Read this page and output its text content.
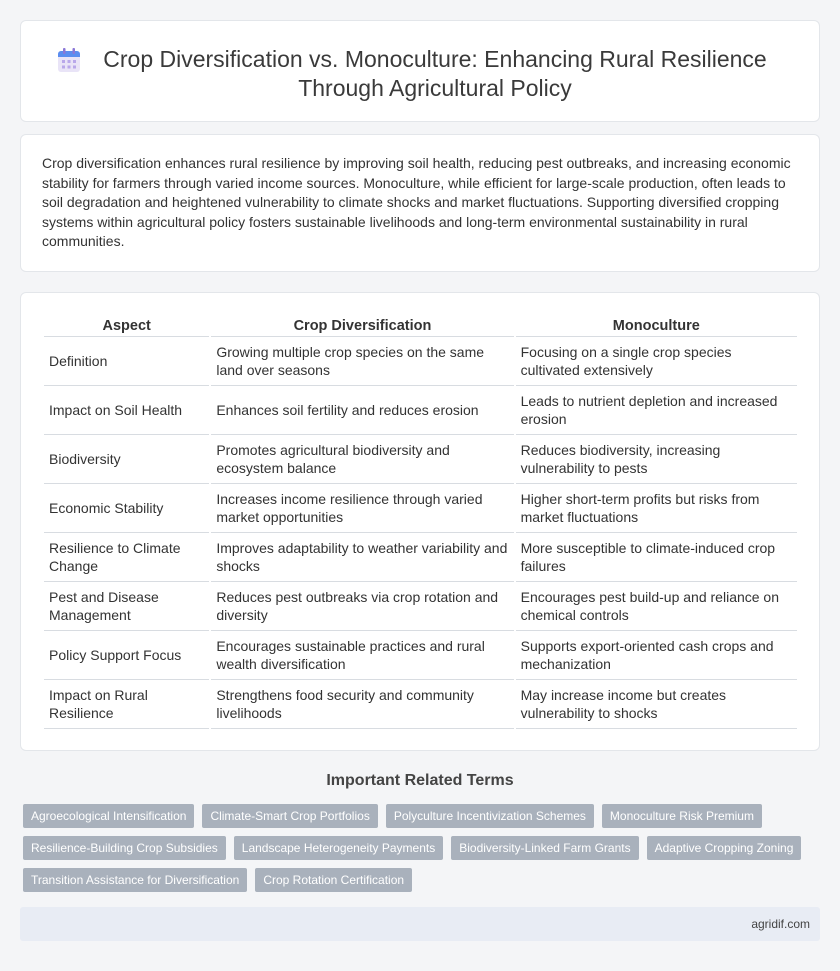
Crop Diversification vs. Monoculture: Enhancing Rural Resilience Through Agricultural Policy

Crop diversification enhances rural resilience by improving soil health, reducing pest outbreaks, and increasing economic stability for farmers through varied income sources. Monoculture, while efficient for large-scale production, often leads to soil degradation and heightened vulnerability to climate shocks and market fluctuations. Supporting diversified cropping systems within agricultural policy fosters sustainable livelihoods and long-term environmental sustainability in rural communities.

Aspect	Crop Diversification	Monoculture
Definition	Growing multiple crop species on the same land over seasons	Focusing on a single crop species cultivated extensively
Impact on Soil Health	Enhances soil fertility and reduces erosion	Leads to nutrient depletion and increased erosion
Biodiversity	Promotes agricultural biodiversity and ecosystem balance	Reduces biodiversity, increasing vulnerability to pests
Economic Stability	Increases income resilience through varied market opportunities	Higher short-term profits but risks from market fluctuations
Resilience to Climate Change	Improves adaptability to weather variability and shocks	More susceptible to climate-induced crop failures
Pest and Disease Management	Reduces pest outbreaks via crop rotation and diversity	Encourages pest build-up and reliance on chemical controls
Policy Support Focus	Encourages sustainable practices and rural wealth diversification	Supports export-oriented cash crops and mechanization
Impact on Rural Resilience	Strengthens food security and community livelihoods	May increase income but creates vulnerability to shocks
Important Related Terms
Agroecological Intensification	Climate-Smart Crop Portfolios	Polyculture Incentivization Schemes	Monoculture Risk Premium
Resilience-Building Crop Subsidies	Landscape Heterogeneity Payments	Biodiversity-Linked Farm Grants	Adaptive Cropping Zoning
Transition Assistance for Diversification	Crop Rotation Certification
agridif.com
